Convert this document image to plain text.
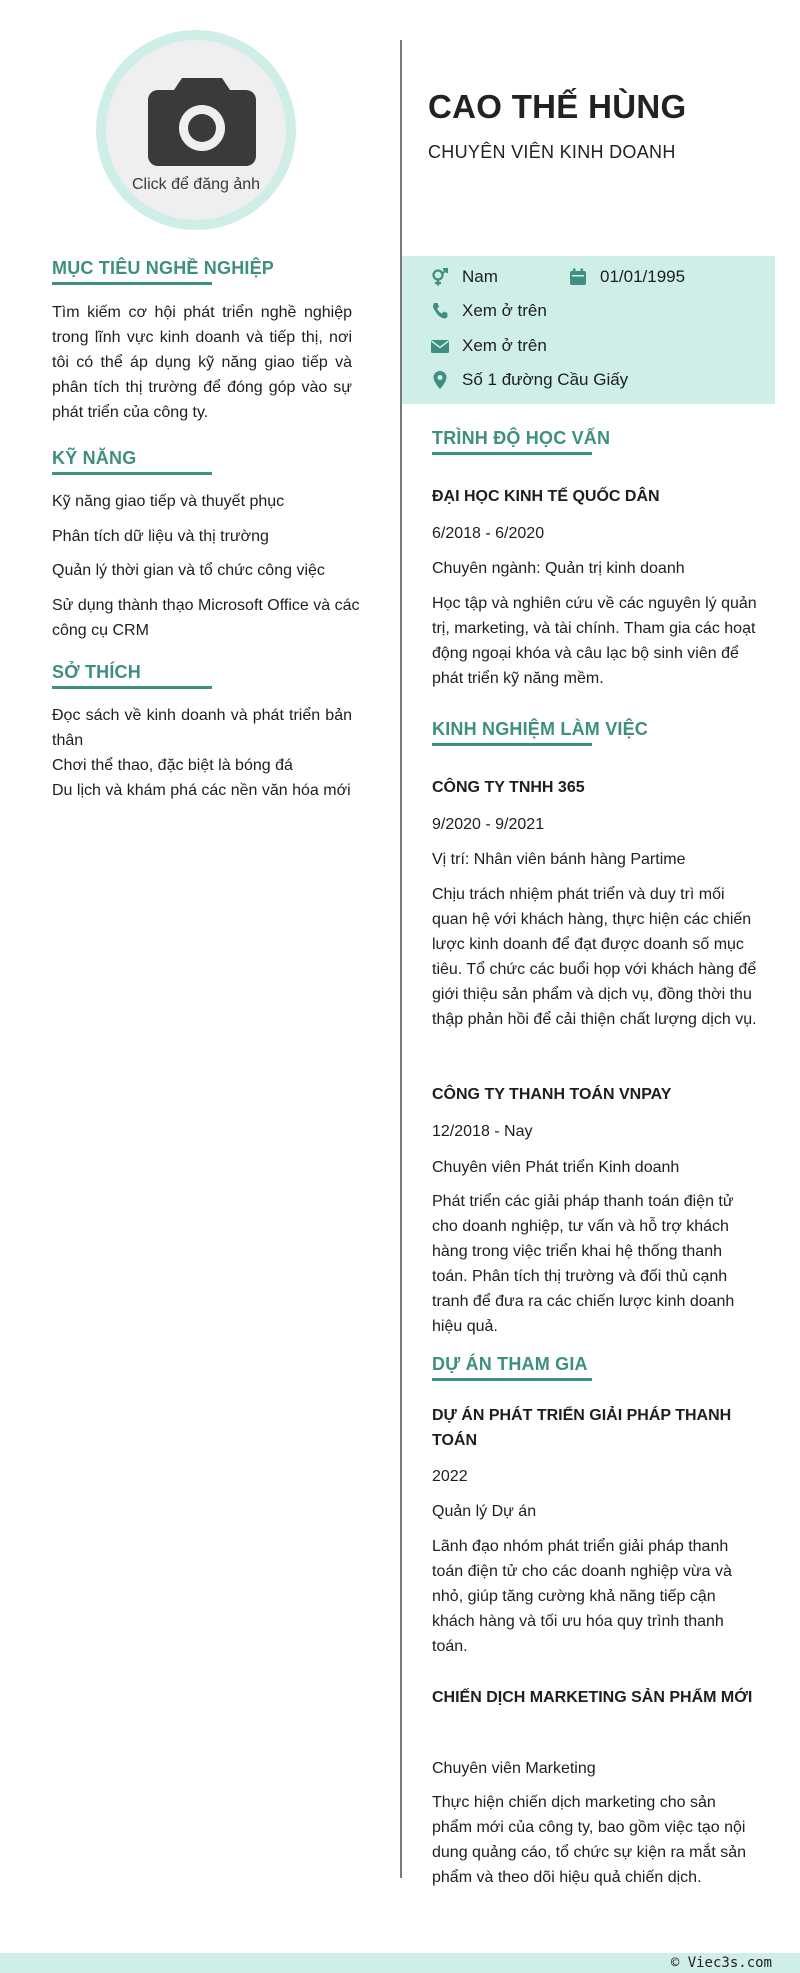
Click để đăng ảnh
CAO THẾ HÙNG
CHUYÊN VIÊN KINH DOANH
Nam	01/01/1995
Xem ở trên
Xem ở trên
Số 1 đường Cầu Giấy
MỤC TIÊU NGHỀ NGHIỆP
Tìm kiếm cơ hội phát triển nghề nghiệp trong lĩnh vực kinh doanh và tiếp thị, nơi tôi có thể áp dụng kỹ năng giao tiếp và phân tích thị trường để đóng góp vào sự phát triển của công ty.
KỸ NĂNG
Kỹ năng giao tiếp và thuyết phục
Phân tích dữ liệu và thị trường
Quản lý thời gian và tổ chức công việc
Sử dụng thành thạo Microsoft Office và các công cụ CRM
SỞ THÍCH
Đọc sách về kinh doanh và phát triển bản thân
Chơi thể thao, đặc biệt là bóng đá
Du lịch và khám phá các nền văn hóa mới
TRÌNH ĐỘ HỌC VẤN
ĐẠI HỌC KINH TẾ QUỐC DÂN
6/2018 - 6/2020
Chuyên ngành: Quản trị kinh doanh
Học tập và nghiên cứu về các nguyên lý quản trị, marketing, và tài chính. Tham gia các hoạt động ngoại khóa và câu lạc bộ sinh viên để phát triển kỹ năng mềm.
KINH NGHIỆM LÀM VIỆC
CÔNG TY TNHH 365
9/2020 - 9/2021
Vị trí: Nhân viên bánh hàng Partime
Chịu trách nhiệm phát triển và duy trì mối quan hệ với khách hàng, thực hiện các chiến lược kinh doanh để đạt được doanh số mục tiêu. Tổ chức các buổi họp với khách hàng để giới thiệu sản phẩm và dịch vụ, đồng thời thu thập phản hồi để cải thiện chất lượng dịch vụ.
CÔNG TY THANH TOÁN VNPAY
12/2018 - Nay
Chuyên viên Phát triển Kinh doanh
Phát triển các giải pháp thanh toán điện tử cho doanh nghiệp, tư vấn và hỗ trợ khách hàng trong việc triển khai hệ thống thanh toán. Phân tích thị trường và đối thủ cạnh tranh để đưa ra các chiến lược kinh doanh hiệu quả.
DỰ ÁN THAM GIA
DỰ ÁN PHÁT TRIỂN GIẢI PHÁP THANH TOÁN
2022
Quản lý Dự án
Lãnh đạo nhóm phát triển giải pháp thanh toán điện tử cho các doanh nghiệp vừa và nhỏ, giúp tăng cường khả năng tiếp cận khách hàng và tối ưu hóa quy trình thanh toán.
CHIẾN DỊCH MARKETING SẢN PHẨM MỚI
Chuyên viên Marketing
Thực hiện chiến dịch marketing cho sản phẩm mới của công ty, bao gồm việc tạo nội dung quảng cáo, tổ chức sự kiện ra mắt sản phẩm và theo dõi hiệu quả chiến dịch.
© Viec3s.com
